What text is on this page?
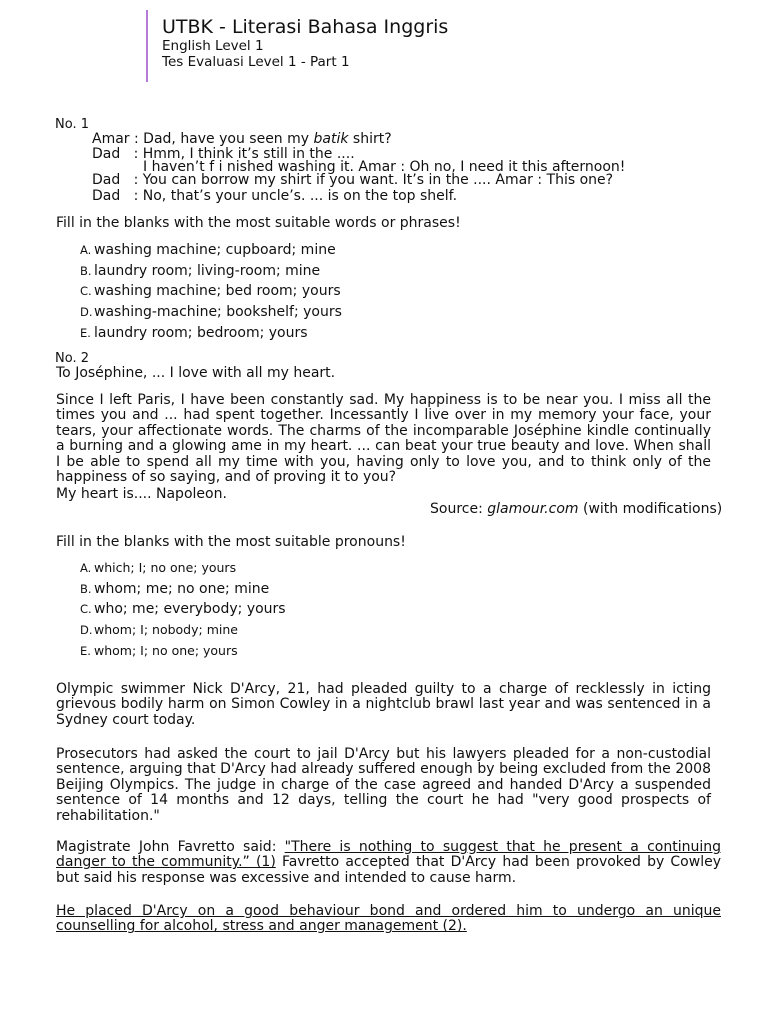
UTBK - Literasi Bahasa Inggris
English Level 1
Tes Evaluasi Level 1 - Part 1
No. 1
Amar : Dad, have you seen my batik shirt?
Dad   : Hmm, I think it’s still in the ....
I haven’t f i nished washing it. Amar : Oh no, I need it this afternoon!
Dad   : You can borrow my shirt if you want. It’s in the .... Amar : This one?
Dad   : No, that’s your uncle’s. ... is on the top shelf.
Fill in the blanks with the most suitable words or phrases!
A. washing machine; cupboard; mine
B. laundry room; living-room; mine
C. washing machine; bed room; yours
D.washing-machine; bookshelf; yours
E. laundry room; bedroom; yours
No. 2
To Joséphine, ... I love with all my heart.
Since I left Paris, I have been constantly sad. My happiness is to be near you. I miss all the times you and ... had spent together. Incessantly I live over in my memory your face, your tears, your affectionate words. The charms of the incomparable Joséphine kindle continually a burning and a glowing ame in my heart. ... can beat your true beauty and love. When shall I be able to spend all my time with you, having only to love you, and to think only of the happiness of so saying, and of proving it to you?
My heart is.... Napoleon.
Source: glamour.com (with modifications)
Fill in the blanks with the most suitable pronouns!
A. which; I; no one; yours
B. whom; me; no one; mine
C. who; me; everybody; yours
D.whom; I; nobody; mine
E. whom; I; no one; yours
Olympic swimmer Nick D'Arcy, 21, had pleaded guilty to a charge of recklessly in icting grievous bodily harm on Simon Cowley in a nightclub brawl last year and was sentenced in a Sydney court today.
Prosecutors had asked the court to jail D'Arcy but his lawyers pleaded for a non-custodial sentence, arguing that D'Arcy had already suffered enough by being excluded from the 2008 Beijing Olympics. The judge in charge of the case agreed and handed D'Arcy a suspended sentence of 14 months and 12 days, telling the court he had "very good prospects of rehabilitation."
Magistrate John Favretto said: "There is nothing to suggest that he present a continuing danger to the community.” (1) Favretto accepted that D'Arcy had been provoked by Cowley but said his response was excessive and intended to cause harm.
He placed D'Arcy on a good behaviour bond and ordered him to undergo an unique counselling for alcohol, stress and anger management (2).
